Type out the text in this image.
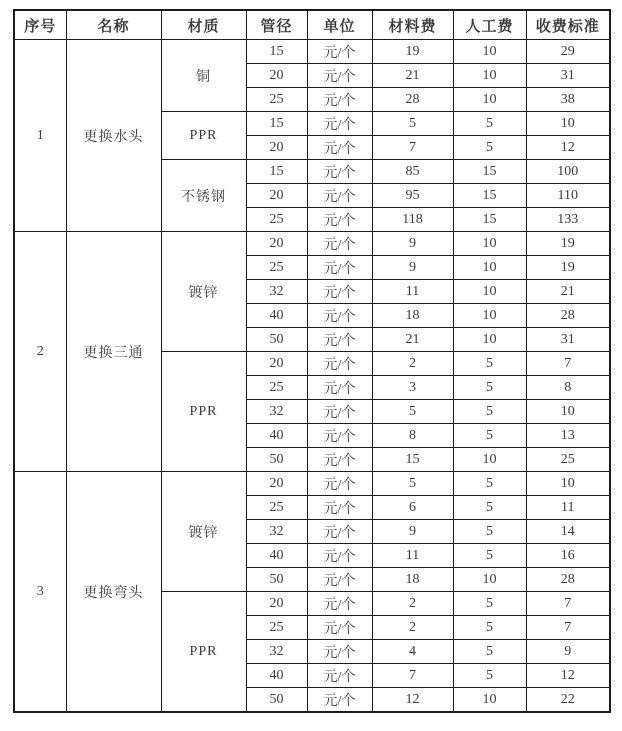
序号	名称	材质	管径	单位	材料费	人工费	收费标准
1	更换水头	铜	15	元/个	19	10	29
			20	元/个	21	10	31
			25	元/个	28	10	38
		PPR	15	元/个	5	5	10
			20	元/个	7	5	12
		不锈钢	15	元/个	85	15	100
			20	元/个	95	15	110
			25	元/个	118	15	133
2	更换三通	镀锌	20	元/个	9	10	19
			25	元/个	9	10	19
			32	元/个	11	10	21
			40	元/个	18	10	28
			50	元/个	21	10	31
		PPR	20	元/个	2	5	7
			25	元/个	3	5	8
			32	元/个	5	5	10
			40	元/个	8	5	13
			50	元/个	15	10	25
3	更换弯头	镀锌	20	元/个	5	5	10
			25	元/个	6	5	11
			32	元/个	9	5	14
			40	元/个	11	5	16
			50	元/个	18	10	28
		PPR	20	元/个	2	5	7
			25	元/个	2	5	7
			32	元/个	4	5	9
			40	元/个	7	5	12
			50	元/个	12	10	22
